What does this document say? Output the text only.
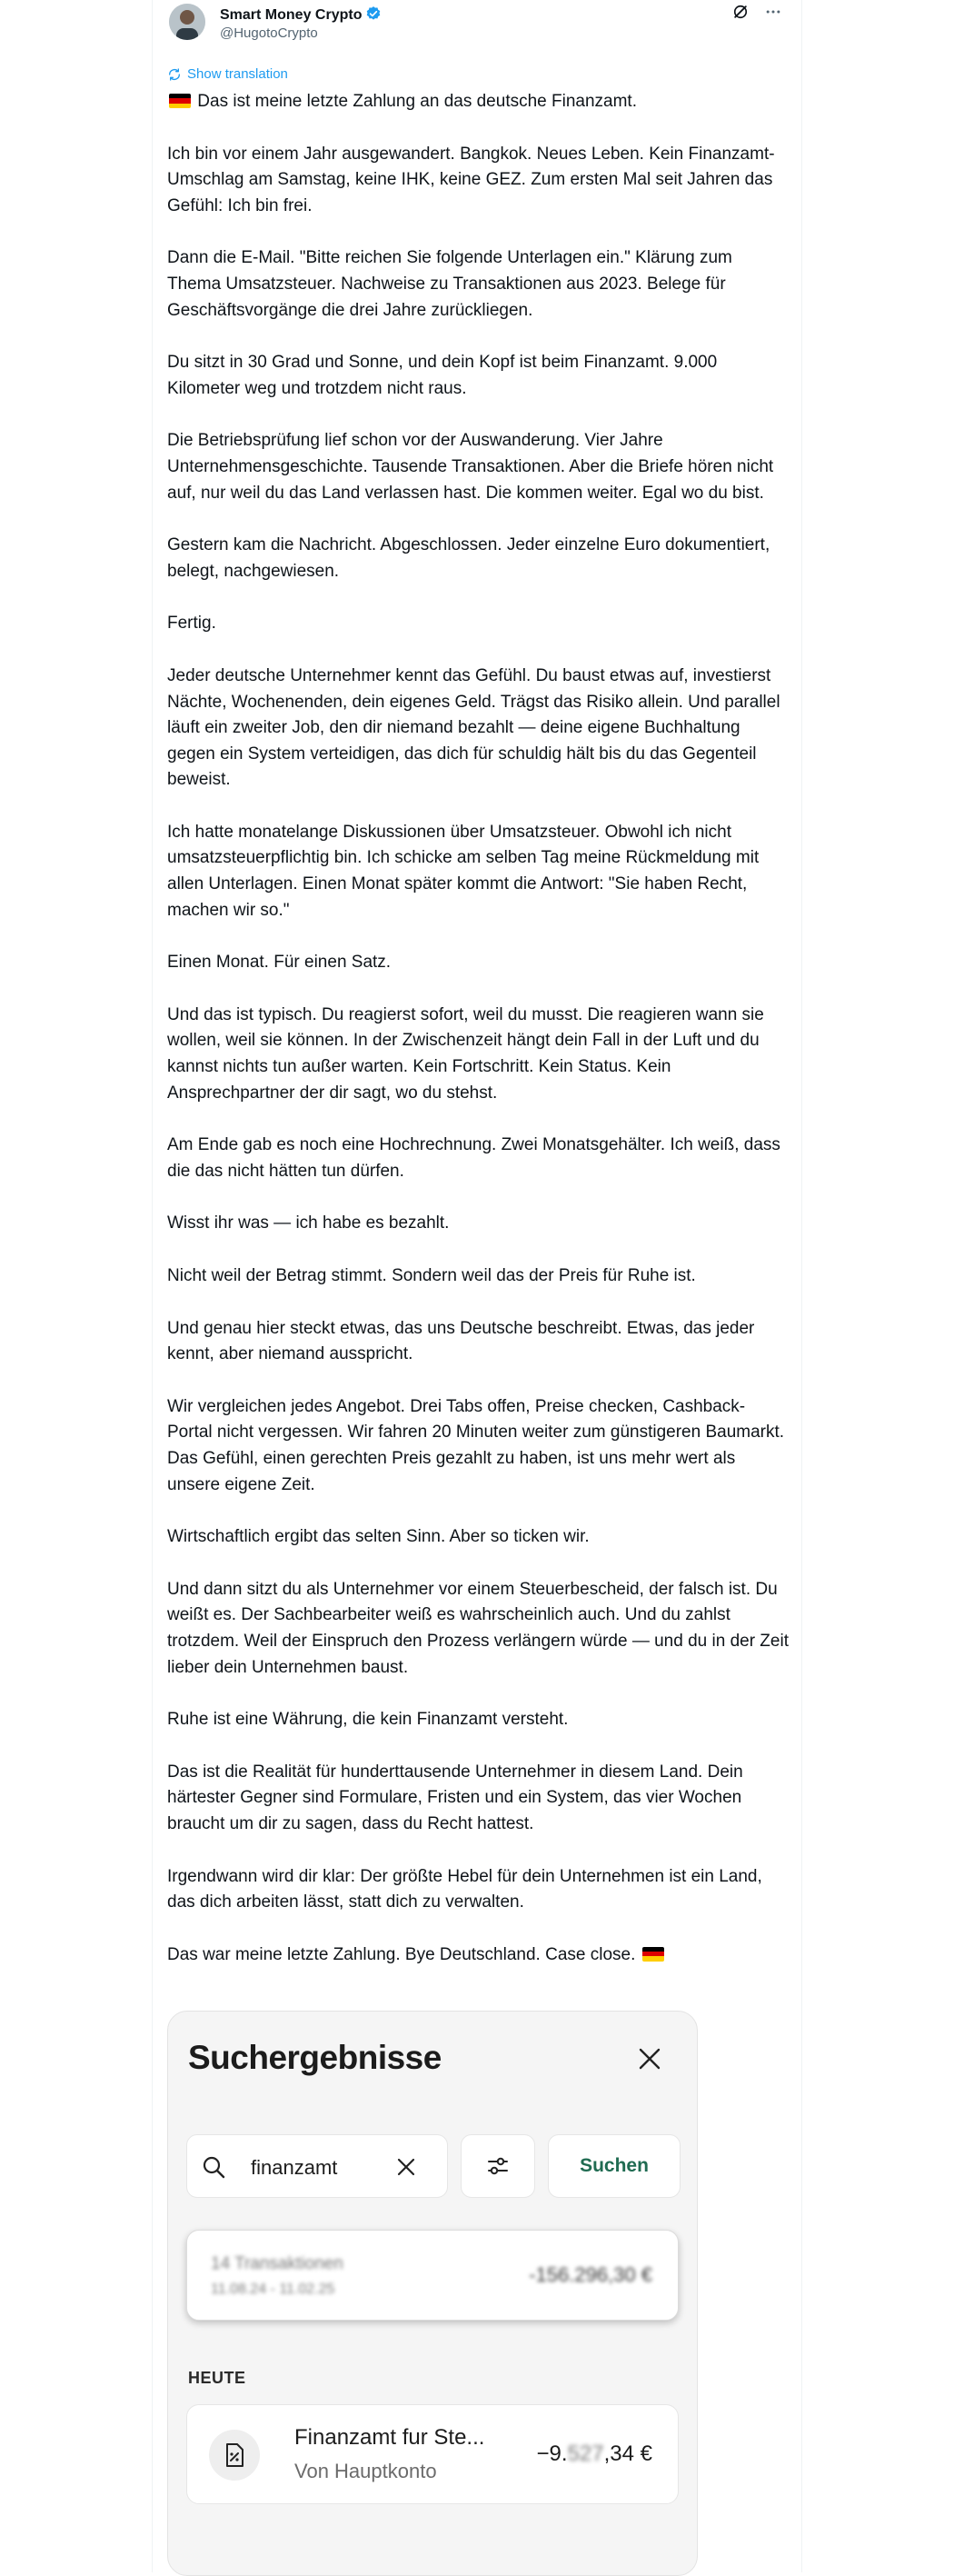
Smart Money Crypto
@HugotoCrypto
Show translation

Das ist meine letzte Zahlung an das deutsche Finanzamt.

Ich bin vor einem Jahr ausgewandert. Bangkok. Neues Leben. Kein Finanzamt-Umschlag am Samstag, keine IHK, keine GEZ. Zum ersten Mal seit Jahren das Gefühl: Ich bin frei.

Dann die E-Mail. "Bitte reichen Sie folgende Unterlagen ein." Klärung zum Thema Umsatzsteuer. Nachweise zu Transaktionen aus 2023. Belege für Geschäftsvorgänge die drei Jahre zurückliegen.

Du sitzt in 30 Grad und Sonne, und dein Kopf ist beim Finanzamt. 9.000 Kilometer weg und trotzdem nicht raus.

Die Betriebsprüfung lief schon vor der Auswanderung. Vier Jahre Unternehmensgeschichte. Tausende Transaktionen. Aber die Briefe hören nicht auf, nur weil du das Land verlassen hast. Die kommen weiter. Egal wo du bist.

Gestern kam die Nachricht. Abgeschlossen. Jeder einzelne Euro dokumentiert, belegt, nachgewiesen.

Fertig.

Jeder deutsche Unternehmer kennt das Gefühl. Du baust etwas auf, investierst Nächte, Wochenenden, dein eigenes Geld. Trägst das Risiko allein. Und parallel läuft ein zweiter Job, den dir niemand bezahlt — deine eigene Buchhaltung gegen ein System verteidigen, das dich für schuldig hält bis du das Gegenteil beweist.

Ich hatte monatelange Diskussionen über Umsatzsteuer. Obwohl ich nicht umsatzsteuerpflichtig bin. Ich schicke am selben Tag meine Rückmeldung mit allen Unterlagen. Einen Monat später kommt die Antwort: "Sie haben Recht, machen wir so."

Einen Monat. Für einen Satz.

Und das ist typisch. Du reagierst sofort, weil du musst. Die reagieren wann sie wollen, weil sie können. In der Zwischenzeit hängt dein Fall in der Luft und du kannst nichts tun außer warten. Kein Fortschritt. Kein Status. Kein Ansprechpartner der dir sagt, wo du stehst.

Am Ende gab es noch eine Hochrechnung. Zwei Monatsgehälter. Ich weiß, dass die das nicht hätten tun dürfen.

Wisst ihr was — ich habe es bezahlt.

Nicht weil der Betrag stimmt. Sondern weil das der Preis für Ruhe ist.

Und genau hier steckt etwas, das uns Deutsche beschreibt. Etwas, das jeder kennt, aber niemand ausspricht.

Wir vergleichen jedes Angebot. Drei Tabs offen, Preise checken, Cashback-Portal nicht vergessen. Wir fahren 20 Minuten weiter zum günstigeren Baumarkt. Das Gefühl, einen gerechten Preis gezahlt zu haben, ist uns mehr wert als unsere eigene Zeit.

Wirtschaftlich ergibt das selten Sinn. Aber so ticken wir.

Und dann sitzt du als Unternehmer vor einem Steuerbescheid, der falsch ist. Du weißt es. Der Sachbearbeiter weiß es wahrscheinlich auch. Und du zahlst trotzdem. Weil der Einspruch den Prozess verlängern würde — und du in der Zeit lieber dein Unternehmen baust.

Ruhe ist eine Währung, die kein Finanzamt versteht.

Das ist die Realität für hunderttausende Unternehmer in diesem Land. Dein härtester Gegner sind Formulare, Fristen und ein System, das vier Wochen braucht um dir zu sagen, dass du Recht hattest.

Irgendwann wird dir klar: Der größte Hebel für dein Unternehmen ist ein Land, das dich arbeiten lässt, statt dich zu verwalten.

Das war meine letzte Zahlung. Bye Deutschland. Case close.

Suchergebnisse
finanzamt	Suchen
14 Transaktionen
11.08.24 - 11.02.25
-156.296,30 €
HEUTE
Finanzamt fur Ste...
Von Hauptkonto
−9.527,34 €
